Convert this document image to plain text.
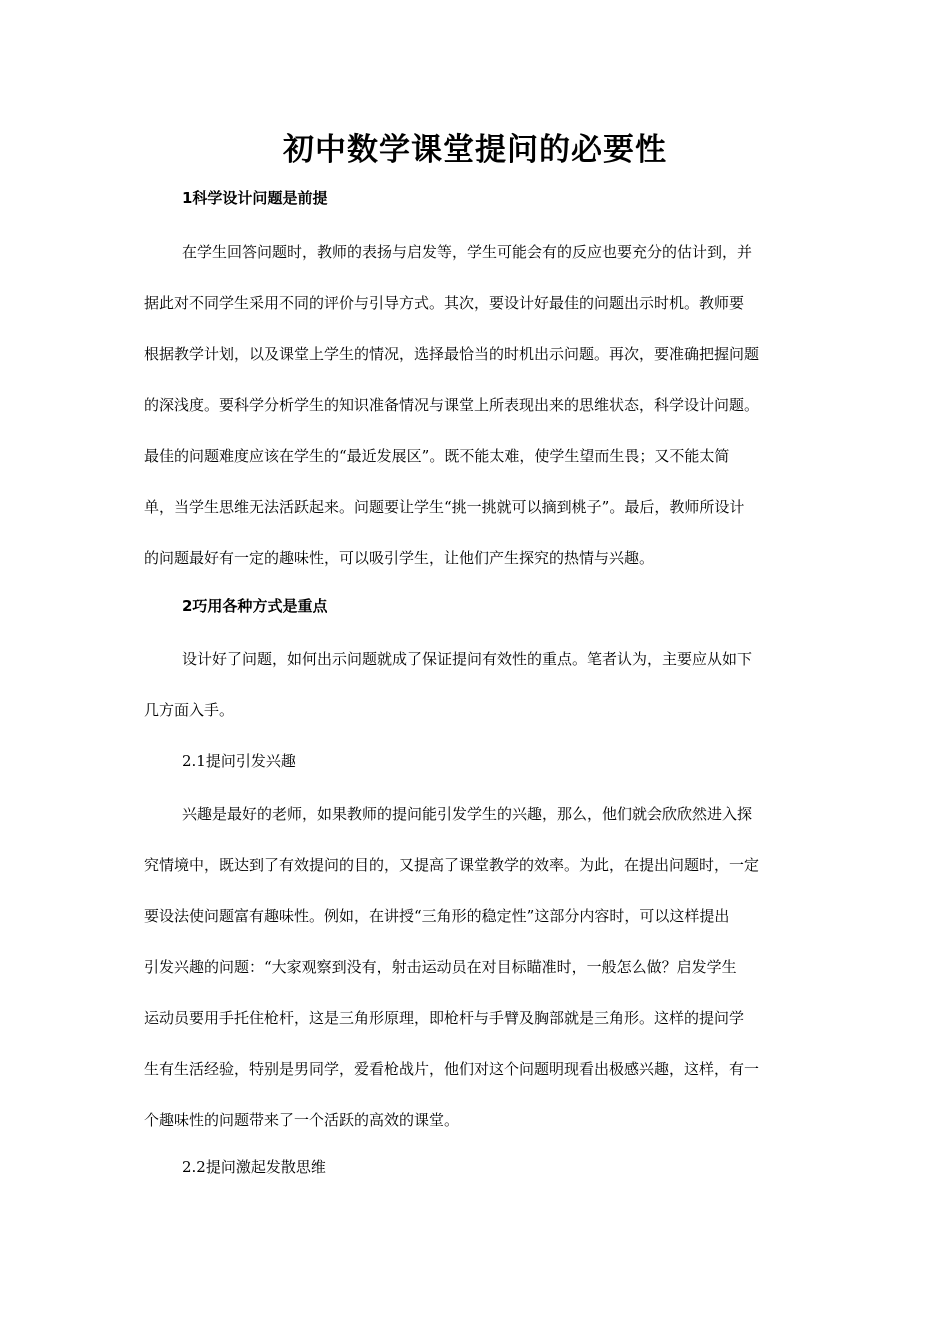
初中数学课堂提问的必要性
1科学设计问题是前提
在学生回答问题时，教师的表扬与启发等，学生可能会有的反应也要充分的估计到，并
据此对不同学生采用不同的评价与引导方式。其次，要设计好最佳的问题出示时机。教师要
根据教学计划，以及课堂上学生的情况，选择最恰当的时机出示问题。再次，要准确把握问题
的深浅度。要科学分析学生的知识准备情况与课堂上所表现出来的思维状态，科学设计问题。
最佳的问题难度应该在学生的“最近发展区”。既不能太难，使学生望而生畏；又不能太简
单，当学生思维无法活跃起来。问题要让学生“挑一挑就可以摘到桃子”。最后，教师所设计
的问题最好有一定的趣味性，可以吸引学生，让他们产生探究的热情与兴趣。
2巧用各种方式是重点
设计好了问题，如何出示问题就成了保证提问有效性的重点。笔者认为，主要应从如下
几方面入手。
2.1提问引发兴趣
兴趣是最好的老师，如果教师的提问能引发学生的兴趣，那么，他们就会欣欣然进入探
究情境中，既达到了有效提问的目的，又提高了课堂教学的效率。为此，在提出问题时，一定
要设法使问题富有趣味性。例如，在讲授“三角形的稳定性”这部分内容时，可以这样提出
引发兴趣的问题：“大家观察到没有，射击运动员在对目标瞄准时，一般怎么做？启发学生
运动员要用手托住枪杆，这是三角形原理，即枪杆与手臂及胸部就是三角形。这样的提问学
生有生活经验，特别是男同学，爱看枪战片，他们对这个问题明现看出极感兴趣，这样，有一
个趣味性的问题带来了一个活跃的高效的课堂。
2.2提问激起发散思维
